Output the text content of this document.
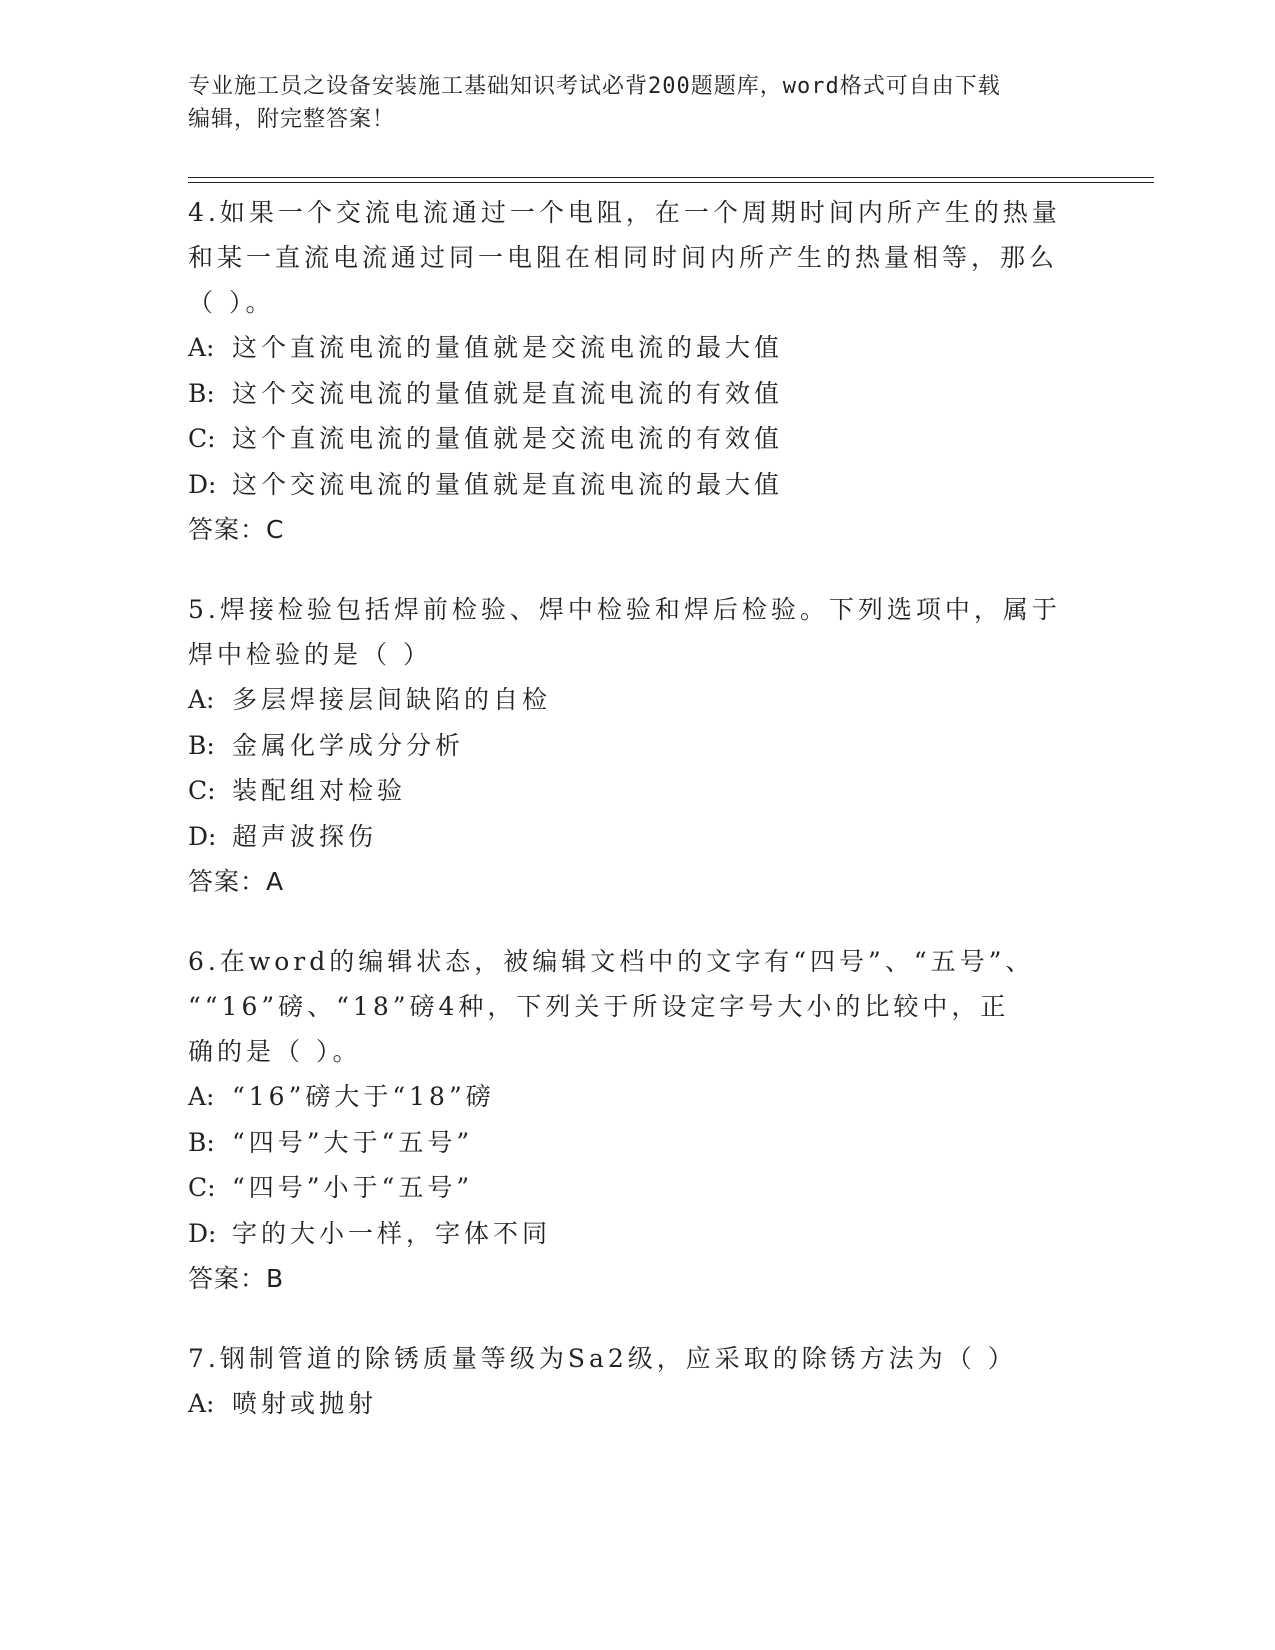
专业施工员之设备安装施工基础知识考试必背200题题库，word格式可自由下载
编辑，附完整答案！

4.如果一个交流电流通过一个电阻，在一个周期时间内所产生的热量

和某一直流电流通过同一电阻在相同时间内所产生的热量相等，那么

（ ）。

A: 这个直流电流的量值就是交流电流的最大值

B: 这个交流电流的量值就是直流电流的有效值

C: 这个直流电流的量值就是交流电流的有效值

D: 这个交流电流的量值就是直流电流的最大值

答案：C

5.焊接检验包括焊前检验、焊中检验和焊后检验。下列选项中，属于

焊中检验的是（ ）

A: 多层焊接层间缺陷的自检

B: 金属化学成分分析

C: 装配组对检验

D: 超声波探伤

答案：A

6.在word的编辑状态，被编辑文档中的文字有“四号”、“五号”、

““16”磅、“18”磅4种，下列关于所设定字号大小的比较中，正

确的是（ ）。

A: “16”磅大于“18”磅

B: “四号”大于“五号”

C: “四号”小于“五号”

D: 字的大小一样，字体不同

答案：B

7.钢制管道的除锈质量等级为Sa2级，应采取的除锈方法为（ ）

A: 喷射或抛射
